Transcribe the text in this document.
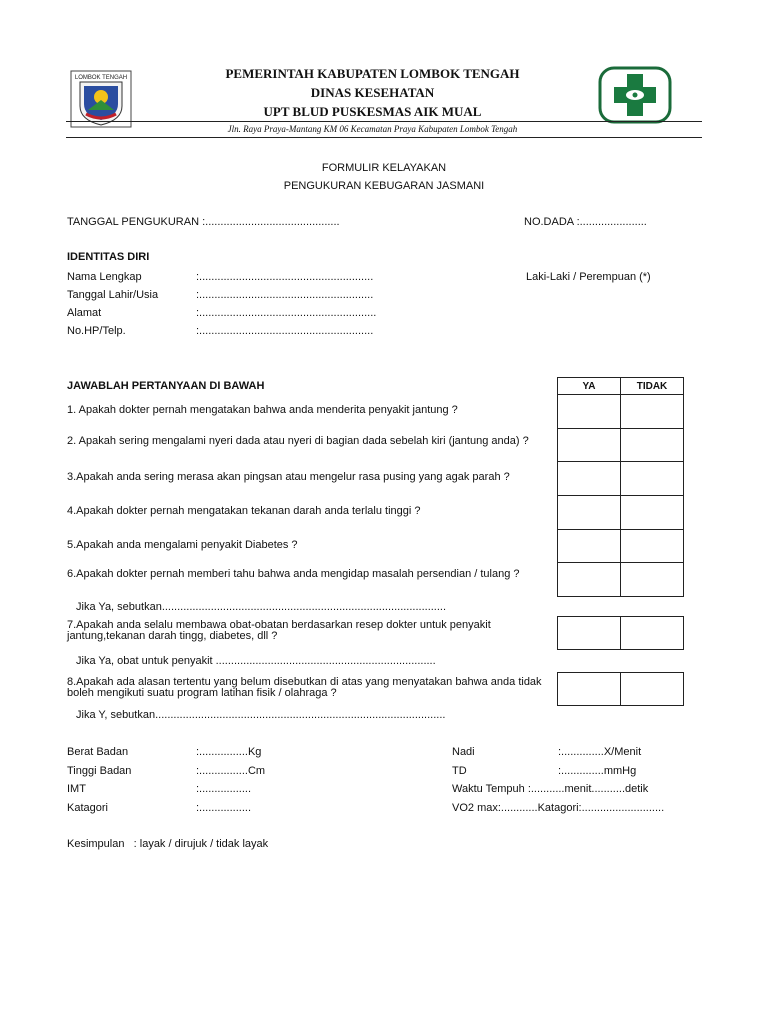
LOMBOK TENGAH	PEMERINTAH KABUPATEN LOMBOK TENGAH
DINAS KESEHATAN
UPT BLUD PUSKESMAS AIK MUAL
Jln. Raya Praya-Mantang KM 06 Kecamatan Praya Kabupaten Lombok Tengah
FORMULIR KELAYAKAN
PENGUKURAN KEBUGARAN JASMANI
TANGGAL PENGUKURAN :............................................	NO.DADA :......................
IDENTITAS DIRI
Nama Lengkap	:.........................................................	Laki-Laki / Perempuan (*)
Tanggal Lahir/Usia	:.........................................................
Alamat	:..........................................................
No.HP/Telp.	:.........................................................
JAWABLAH PERTANYAAN DI BAWAH
1. Apakah dokter pernah mengatakan bahwa anda menderita penyakit jantung ?
2. Apakah sering mengalami nyeri dada atau nyeri di bagian dada sebelah kiri (jantung anda) ?
3.Apakah anda sering merasa akan pingsan atau mengelur rasa pusing yang agak parah ?
4.Apakah dokter pernah mengatakan tekanan darah anda terlalu tinggi ?
5.Apakah anda mengalami penyakit Diabetes ?
6.Apakah dokter pernah memberi tahu bahwa anda mengidap masalah persendian / tulang ?
Jika Ya, sebutkan.............................................................................................
7.Apakah anda selalu membawa obat-obatan berdasarkan resep dokter untuk penyakit jantung,tekanan darah tingg, diabetes, dll ?
Jika Ya, obat untuk penyakit ........................................................................
8.Apakah ada alasan tertentu yang belum disebutkan di atas yang menyatakan bahwa anda tidak boleh mengikuti suatu program latihan fisik / olahraga ?
Jika Y, sebutkan...............................................................................................
YA	TIDAK

Berat Badan	:................Kg
Tinggi Badan	:................Cm
IMT	:.................
Katagori	:.................
Nadi	:..............X/Menit
TD	:..............mmHg
Waktu Tempuh :...........menit...........detik
VO2 max:............Katagori:...........................
Kesimpulan   : layak / dirujuk / tidak layak
